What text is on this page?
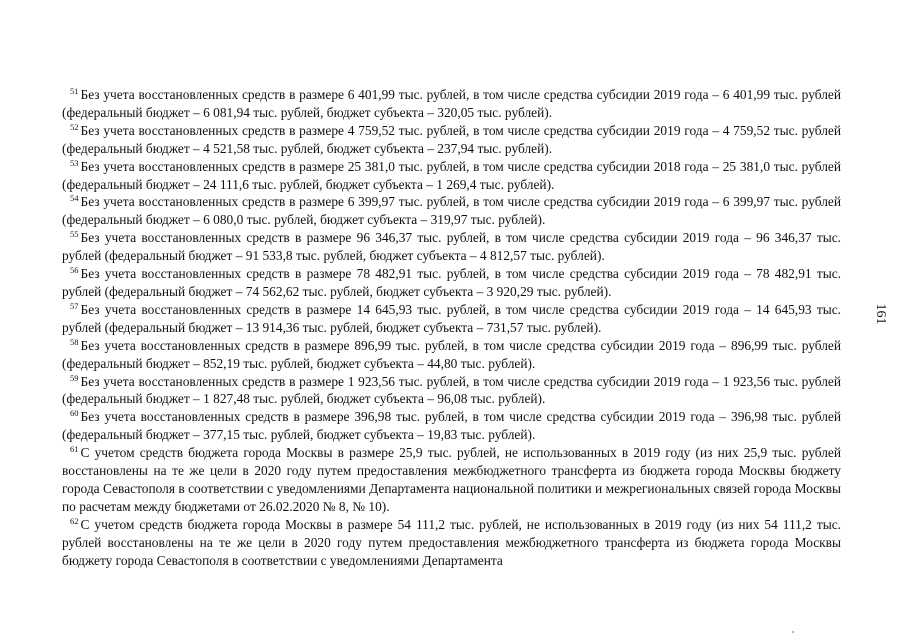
$^{51}$ Без учета восстановленных средств в размере 6 401,99 тыс. рублей, в том числе средства субсидии 2019 года – 6 401,99 тыс. рублей (федеральный бюджет – 6 081,94 тыс. рублей, бюджет субъекта – 320,05 тыс. рублей).

$^{52}$ Без учета восстановленных средств в размере 4 759,52 тыс. рублей, в том числе средства субсидии 2019 года – 4 759,52 тыс. рублей (федеральный бюджет – 4 521,58 тыс. рублей, бюджет субъекта – 237,94 тыс. рублей).

$^{53}$ Без учета восстановленных средств в размере 25 381,0 тыс. рублей, в том числе средства субсидии 2018 года – 25 381,0 тыс. рублей (федеральный бюджет – 24 111,6 тыс. рублей, бюджет субъекта – 1 269,4 тыс. рублей).

$^{54}$ Без учета восстановленных средств в размере 6 399,97 тыс. рублей, в том числе средства субсидии 2019 года – 6 399,97 тыс. рублей (федеральный бюджет – 6 080,0 тыс. рублей, бюджет субъекта – 319,97 тыс. рублей).

$^{55}$ Без учета восстановленных средств в размере 96 346,37 тыс. рублей, в том числе средства субсидии 2019 года – 96 346,37 тыс. рублей (федеральный бюджет – 91 533,8 тыс. рублей, бюджет субъекта – 4 812,57 тыс. рублей).

$^{56}$ Без учета восстановленных средств в размере 78 482,91 тыс. рублей, в том числе средства субсидии 2019 года – 78 482,91 тыс. рублей (федеральный бюджет – 74 562,62 тыс. рублей, бюджет субъекта – 3 920,29 тыс. рублей).

$^{57}$ Без учета восстановленных средств в размере 14 645,93 тыс. рублей, в том числе средства субсидии 2019 года – 14 645,93 тыс. рублей (федеральный бюджет – 13 914,36 тыс. рублей, бюджет субъекта – 731,57 тыс. рублей).

$^{58}$ Без учета восстановленных средств в размере 896,99 тыс. рублей, в том числе средства субсидии 2019 года – 896,99 тыс. рублей (федеральный бюджет – 852,19 тыс. рублей, бюджет субъекта – 44,80 тыс. рублей).

$^{59}$ Без учета восстановленных средств в размере 1 923,56 тыс. рублей, в том числе средства субсидии 2019 года – 1 923,56 тыс. рублей (федеральный бюджет – 1 827,48 тыс. рублей, бюджет субъекта – 96,08 тыс. рублей).

$^{60}$ Без учета восстановленных средств в размере 396,98 тыс. рублей, в том числе средства субсидии 2019 года – 396,98 тыс. рублей (федеральный бюджет – 377,15 тыс. рублей, бюджет субъекта – 19,83 тыс. рублей).

$^{61}$ С учетом средств бюджета города Москвы в размере 25,9 тыс. рублей, не использованных в 2019 году (из них 25,9 тыс. рублей восстановлены на те же цели в 2020 году путем предоставления межбюджетного трансферта из бюджета города Москвы бюджету города Севастополя в соответствии с уведомлениями Департамента национальной политики и межрегиональных связей города Москвы по расчетам между бюджетами от 26.02.2020 № 8, № 10).

$^{62}$ С учетом средств бюджета города Москвы в размере 54 111,2 тыс. рублей, не использованных в 2019 году (из них 54 111,2 тыс. рублей восстановлены на те же цели в 2020 году путем предоставления межбюджетного трансферта из бюджета города Москвы бюджету города Севастополя в соответствии с уведомлениями Департамента

161
